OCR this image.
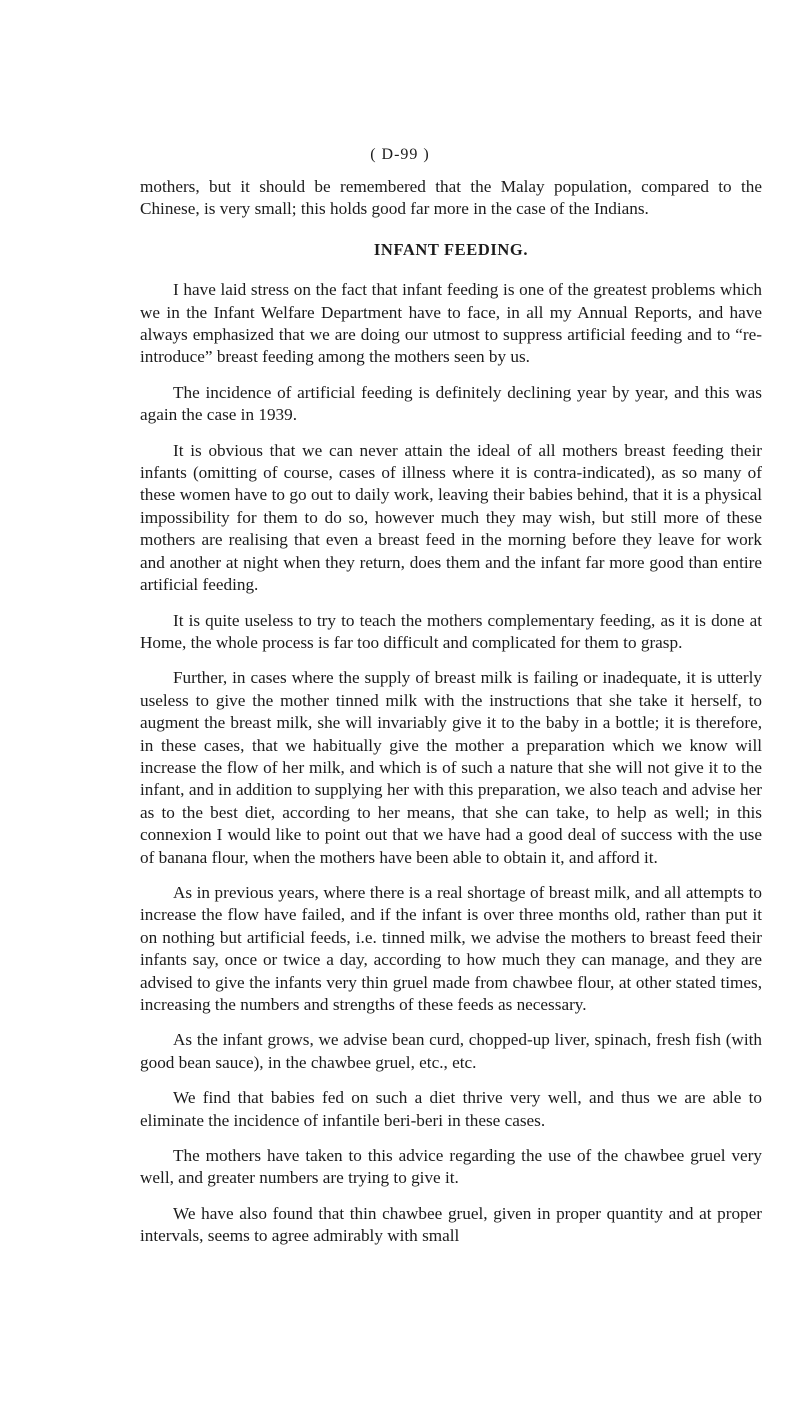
( D-99 )

mothers, but it should be remembered that the Malay population, compared to the Chinese, is very small; this holds good far more in the case of the Indians.

INFANT FEEDING.

I have laid stress on the fact that infant feeding is one of the greatest problems which we in the Infant Welfare Department have to face, in all my Annual Reports, and have always emphasized that we are doing our utmost to suppress artificial feeding and to “re-introduce” breast feeding among the mothers seen by us.

The incidence of artificial feeding is definitely declining year by year, and this was again the case in 1939.

It is obvious that we can never attain the ideal of all mothers breast feeding their infants (omitting of course, cases of illness where it is contra-indicated), as so many of these women have to go out to daily work, leaving their babies behind, that it is a physical impossibility for them to do so, however much they may wish, but still more of these mothers are realising that even a breast feed in the morning before they leave for work and another at night when they return, does them and the infant far more good than entire artificial feeding.

It is quite useless to try to teach the mothers complementary feeding, as it is done at Home, the whole process is far too difficult and complicated for them to grasp.

Further, in cases where the supply of breast milk is failing or inadequate, it is utterly useless to give the mother tinned milk with the instructions that she take it herself, to augment the breast milk, she will invariably give it to the baby in a bottle; it is therefore, in these cases, that we habitually give the mother a preparation which we know will increase the flow of her milk, and which is of such a nature that she will not give it to the infant, and in addition to supplying her with this preparation, we also teach and advise her as to the best diet, according to her means, that she can take, to help as well; in this connexion I would like to point out that we have had a good deal of success with the use of banana flour, when the mothers have been able to obtain it, and afford it.

As in previous years, where there is a real shortage of breast milk, and all attempts to increase the flow have failed, and if the infant is over three months old, rather than put it on nothing but artificial feeds, i.e. tinned milk, we advise the mothers to breast feed their infants say, once or twice a day, according to how much they can manage, and they are advised to give the infants very thin gruel made from chawbee flour, at other stated times, increasing the numbers and strengths of these feeds as necessary.

As the infant grows, we advise bean curd, chopped-up liver, spinach, fresh fish (with good bean sauce), in the chawbee gruel, etc., etc.

We find that babies fed on such a diet thrive very well, and thus we are able to eliminate the incidence of infantile beri-beri in these cases.

The mothers have taken to this advice regarding the use of the chawbee gruel very well, and greater numbers are trying to give it.

We have also found that thin chawbee gruel, given in proper quantity and at proper intervals, seems to agree admirably with small
